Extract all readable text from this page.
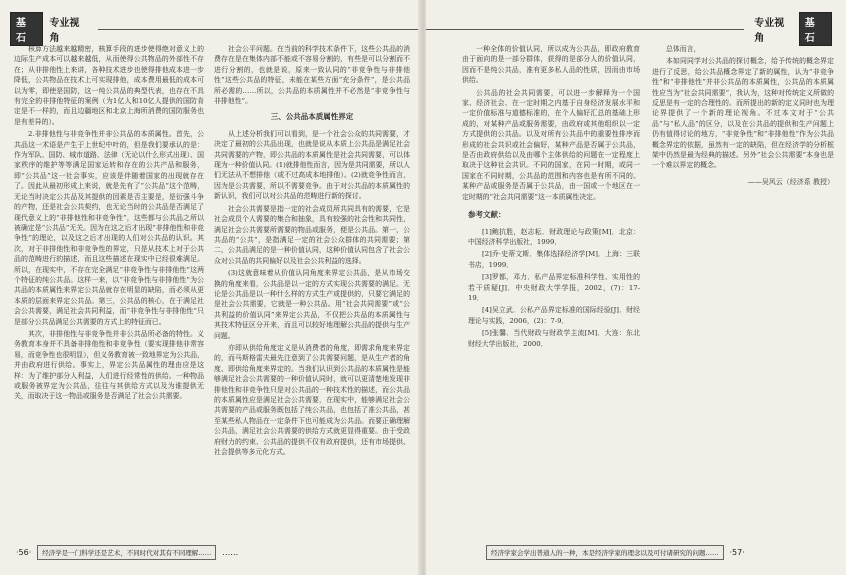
基石
专业视角

核算方法越来越精密，核算手段的进步使得绝对意义上的边际生产成本可以越来越低，从而使得公共物品的外部性不存在；从非排他性上来讲，各种技术进步也使得排他成本进一步降低，公共物品在技术上可实现排他，成本费用最低的成本可以为零，即使是国防，这一纯公共品的典型代表，也存在不具有完全的非排他特征的案例（为1亿人和10亿人提供的国防肯定是不一样的，而且边疆地区和北京上海所消费的国防服务也是有差异的）。

2.非排他性与非竞争性并非公共品的本质属性。首先，公共品这一术语是产生于上世纪中叶的，但是我们要承认的是：作为军队、国防、城市道路、法律（无论以什么形式出现）、国家秩序的维护等等满足国家运转和存在的公共产品和服务，即“公共品”这一社会事实，应该是伴随着国家的出现就存在了。因此从最初形成上来说，就是先有了“公共品”这个范畴，无论当时决定公共品及其提供的因素是否主要是，是衍强斗争的产物，还是社会公共契约，也无论当时的公共品是否满足了现代意义上的“非排他性和非竞争性”，这些都与公共品之所以被确定是“公共品”无关。因为在这之后才出现“非排他性和非竞争性”的理论，以及这之后才出现的人们对公共品的认识。其次，对于非排他性和非竞争性的界定，只是从技术上对于公共品的范畴进行的描述，而且这些描述在现实中已经很难满足。所以，在现实中，不存在完全满足“非竞争性与非排他性”这两个特征的纯公共品。这样一来，以“非竞争性与非排他性”为公共品的本质属性来界定公共品就存在明显的缺陷，而必须从更本质的层面来界定公共品。第三，公共品的核心，在于满足社会公共需要，满足社会共同利益，而“非竞争性与非排他性”只是部分公共品满足公共需要的方式上的特征而已。

其次，非排他性与非竞争性并非公共品所必备的特性。义务教育本身并不具备非排他性和非竞争性（要实现排他非常容易，而竞争性也很明显），但义务教育被一致地界定为公共品，并由政府进行供给。事实上，界定公共品属性的理由应是这样：为了维护部分人利益，人们进行经常性的供给。一种物品或服务被界定为公共品，往往与其供给方式以及为谁提供无关，而取决于这一物品或服务是否满足了社会公共需要。

社会公平问题。在当前的科学技术条件下，这些公共品的消费存在是在集体内部不能或不容易分割的，有些是可以分割而不进行分割的，也就是说，原来一致认同的“非竞争性与非排他性”这些公共品的特征，未能在某些方面“充分条件”，是公共品所必需的……所以，公共品的本质属性并不必然是“非竞争性与非排他性”。

三、公共品本质属性界定

从上述分析我们可以看到，是一个社会公众的共同需要，才决定了最初的公共品出现，也就是说从本质上公共品是满足社会共同需要的产物，即公共品的本质属性是社会共同需要，可以体现为一种价值认同。(1)就排他性而言，因为是共同需要，所以人们无法从不想排他（或不过高成本地排他）。(2)就竞争性而言，因为是公共需要，所以不需要竞争。由于对公共品的本质属性的新认识，我们可以对公共品的范畴进行新的探讨。

社会公共需要是指一定的社会成员所共同具有的需要，它是社会成员个人需要的集合和抽象，具有较强的社会性和共同性，满足社会公共需要所需要的物品或服务，便是公共品。第一，公共品的“公共”，是指满足一定的社会公众群体的共同需要；第二，公共品满足的是一种价值认同，这种价值认同包含了社会公众对公共品的共同偏好以及社会公共利益的选择。

(3)这就意味着从价值认同角度来界定公共品，是从市场交换的角度来看，公共品是以一定的方式实现公共需要的满足。无论是公共品是以一种什么样的方式生产或提供的，只要它满足的是社会公共需要，它就是一种公共品。用“社会共同需要”或“公共利益的价值认同”来界定公共品，不仅把公共品的本质属性与其技术特征区分开来，而且可以较好地理解公共品的提供与生产问题。

亦即从供给角度定义是从消费者的角度，即需求角度来界定的，而马斯格雷夫最先注意到了公共需要问题，是从生产者的角度、即供给角度来界定的。当我们认识到公共品的本质属性是能够满足社会公共需要的一种价值认同时，就可以更清楚地发现非排他性和非竞争性只是对公共品的一种技术性的描述，而公共品的本质属性应是满足社会公共需要，在现实中，能够满足社会公共需要的产品或服务既包括了纯公共品，也包括了准公共品，甚至某些私人物品在一定条件下也可能成为公共品。而要正确理解公共品，满足社会公共需要的供给方式就更显得重要。由于受政府财力的约束、公共品的提供不仅有政府提供，还有市场提供、社会提供等多元化方式。

·56·	经济学是一门科学还是艺术，不同时代对其有不同理解……	……
专业视角
基石

一种全体的价值认同，所以成为公共品，即政府教育由于面向的是一部分群体，获得的是部分人的价值认同，因而不是纯公共品，准有更多私人品的性质，因而由市场供给。

公共品的社会共同需要，可以进一步解释为一个国家、经济社会、在一定时期之内基于自身经济发展水平和一定价值标准与道德标准的，在个人偏好汇总的基础上形成的，对某种产品或服务需要，由政府或其他组织以一定方式提供的公共品。以及对所有公共品中的重要性排序而形成的社会共识或社会偏好，某种产品是否属于公共品，是否由政府供给以及由哪个主体供给的问题在一定程度上取决于这种社会共识。不同的国家，在同一时期，或同一国家在不同时期，公共品的范围和内容也是有所不同的。某种产品或服务是否属于公共品，由一国或一个地区在一定时期的“社会共同需要”这一本质属性决定。

参考文献：

[1]鲍抗胜，赵志耘．财政理论与政策[M]．北京：中国经济科学出版社，1999．

[2]乔·史蒂文斯．集体选择经济学[M]．上海：三联书店，1999．

[3]罗都，邓力．私产品界定标准科学性、实用性的若干质疑[J]．中央财政大学学报，2002，(7)：17-19．

[4]吴立武．公私产品界定标准的国际经验[J]．财经理论与实践，2006，(2)：7-9．

[5]张馨．当代财政与财政学主流[M]．大连：东北财经大学出版社，2000．

总体而言，

本如同同学对公共品的探讨概念，给予传统的概念界定进行了反思，给公共品概念界定了新的属性，认为“非竞争性”和“非排他性”并非公共品的本质属性，公共品的本质属性应当为“社会共同需要”，我认为，这种对传统定义所做的反思是有一定的合理性的。而所提出的新的定义同时也为理论界提供了一个新的理论视角。不过本文对于“公共品”与“私人品”的区分，以及在公共品的提供和生产问题上仍有值得讨论的地方，“非竞争性”和“非排他性”作为公共品概念界定的依据，虽然有一定的缺陷，但在经济学的分析框架中仍然是最为经典的描述。另外“社会公共需要”本身也是一个难以界定的概念。

——吴风云（经济系 教授）
经济学家会学出普通人的一种，本是经济学家的理念以及可付诸研究的问题……	·57·
